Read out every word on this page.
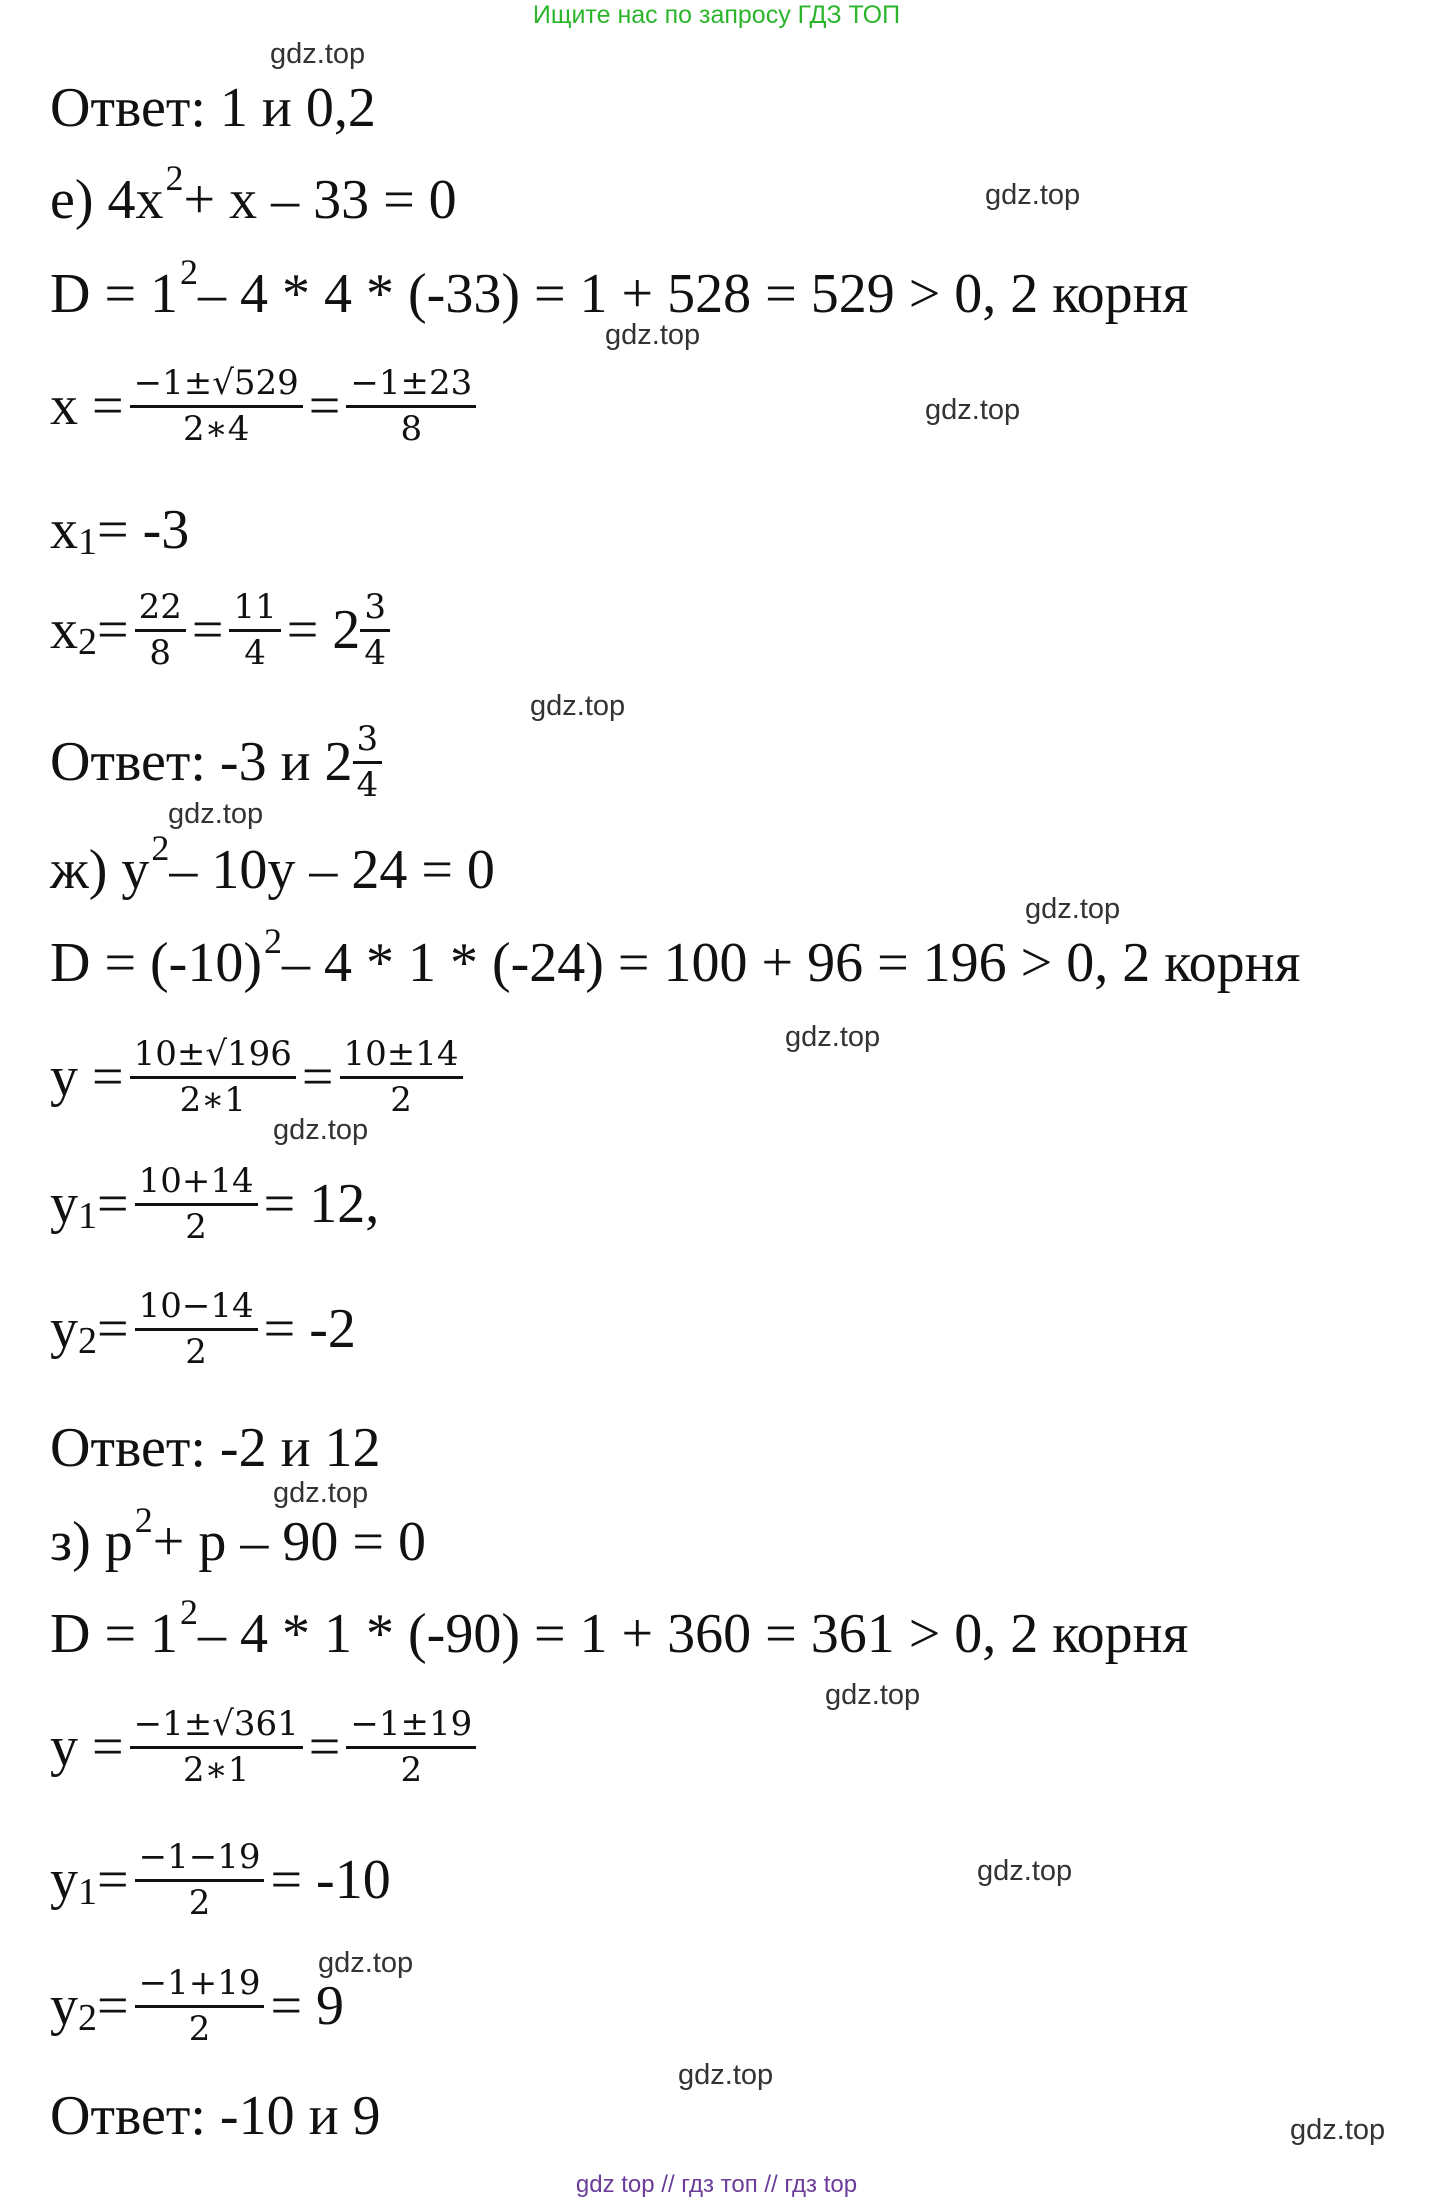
Ищите нас по запросу ГДЗ ТОП
gdz.top
gdz.top
gdz.top
gdz.top
gdz.top
gdz.top
gdz.top
gdz.top
gdz.top
gdz.top
gdz.top
gdz.top
gdz.top
gdz.top
gdz.top
Ответ: 1 и 0,2
е) $4x^2 + x - 33 = 0$
$D = 1^2 - 4 * 4 * (-33) = 1 + 528 = 529 > 0$, 2 корня
$x = \frac{-1\pm√529}{2∗4} = \frac{-1\pm 23}{8}$
x 1 = -3
x $2 = \frac{22}{8} = \frac{11}{4} = 2 \frac{3}{4}$
Ответ: -3 и $2 \frac{3}{4}$
ж) $y^2 - 10y - 24 = 0$
$D = (-10)^2 - 4 * 1 * (-24) = 100 + 96 = 196 > 0$, 2 корня
$y = \frac{10\pm√196}{2∗1} = \frac{10\pm 14}{2}$
y $1 = \frac{10+14}{2} = 12$,
y $2 = \frac{10-14}{2} = -2$
Ответ: -2 и 12
з) $p^2 + p - 90 = 0$
$D = 1^2 - 4 * 1 * (-90) = 1 + 360 = 361 > 0$, 2 корня
$y = \frac{-1\pm√361}{2∗1} = \frac{-1\pm 19}{2}$
y $1 = \frac{-1-19}{2} = -10$
y $2 = \frac{-1+19}{2} = 9$
Ответ: -10 и 9
gdz top // гдз топ // гдз top
